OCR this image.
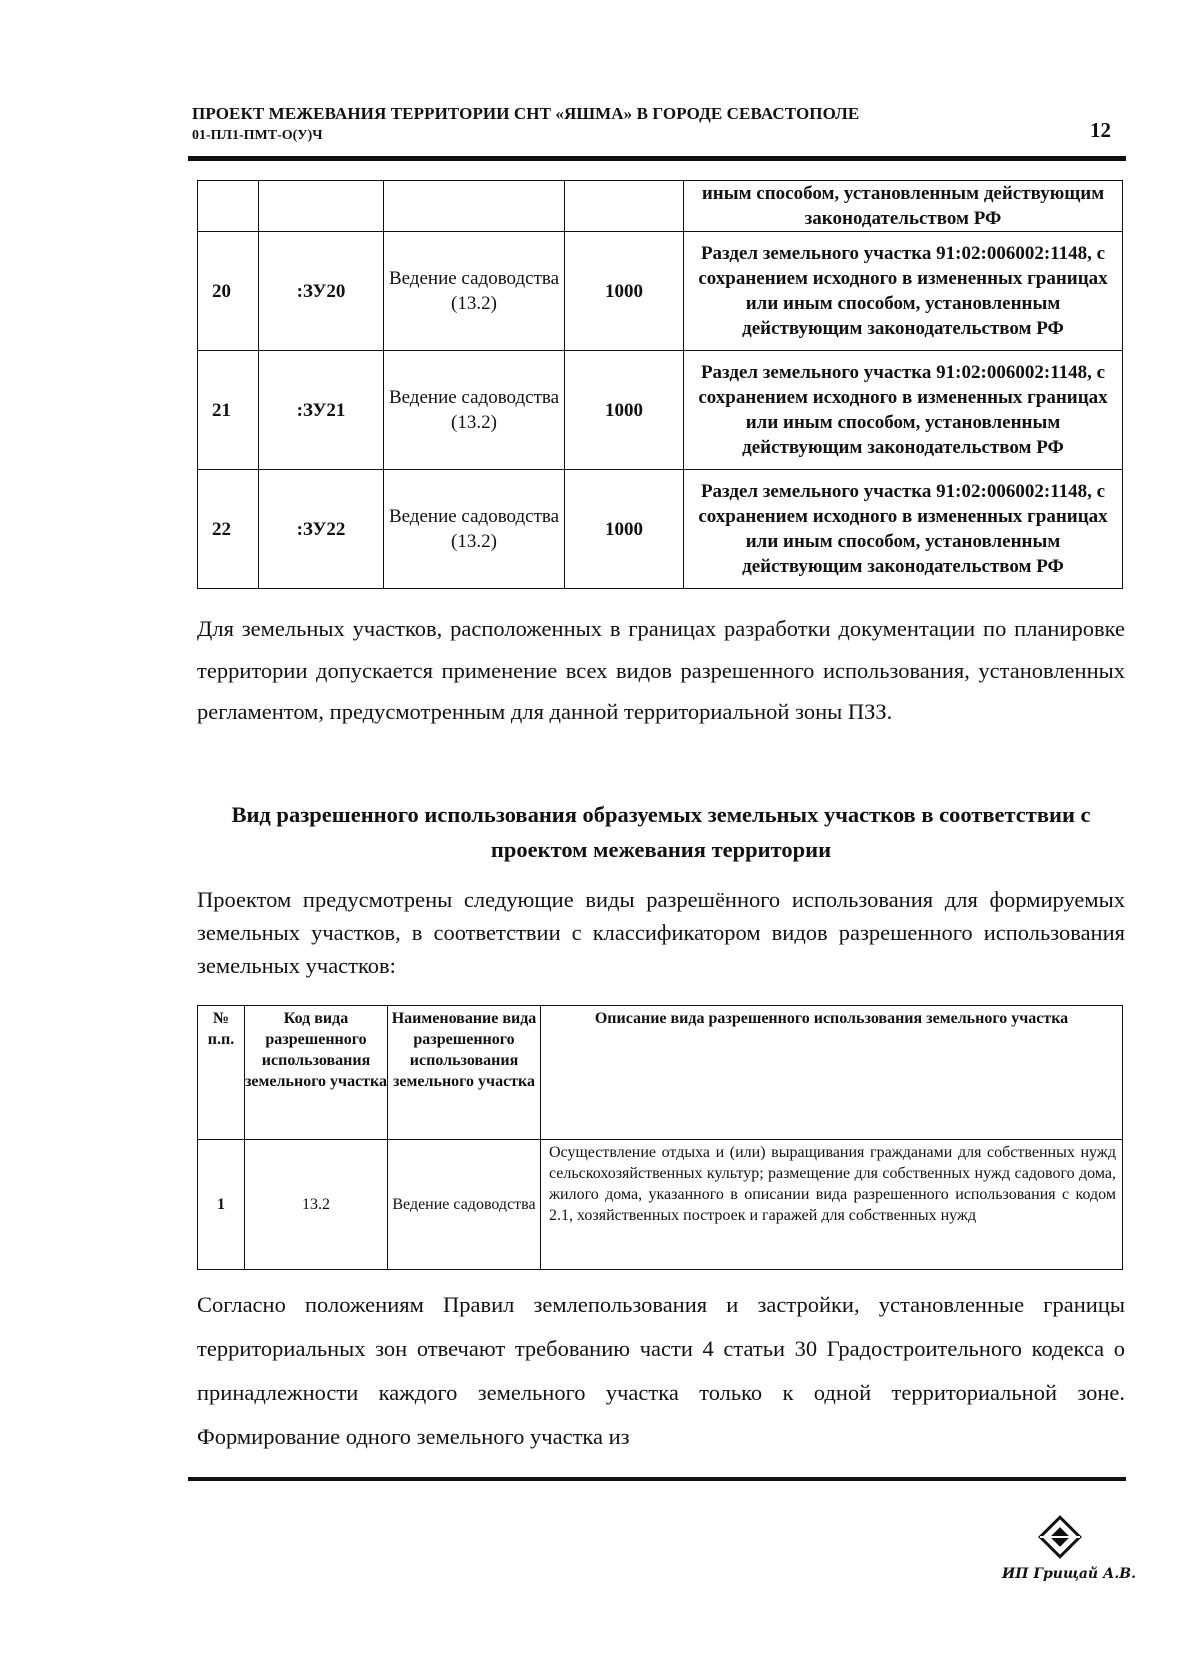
ПРОЕКТ МЕЖЕВАНИЯ ТЕРРИТОРИИ СНТ «ЯШМА» В ГОРОДЕ СЕВАСТОПОЛЕ
01-ПЛ1-ПМТ-О(У)Ч	12
				иным способом, установленным действующим законодательством РФ
20	:ЗУ20	Ведение садоводства (13.2)	1000	Раздел земельного участка 91:02:006002:1148, с сохранением исходного в измененных границах или иным способом, установленным действующим законодательством РФ
21	:ЗУ21	Ведение садоводства (13.2)	1000	Раздел земельного участка 91:02:006002:1148, с сохранением исходного в измененных границах или иным способом, установленным действующим законодательством РФ
22	:ЗУ22	Ведение садоводства (13.2)	1000	Раздел земельного участка 91:02:006002:1148, с сохранением исходного в измененных границах или иным способом, установленным действующим законодательством РФ
Для земельных участков, расположенных в границах разработки документации по планировке территории допускается применение всех видов разрешенного использования, установленных регламентом, предусмотренным для данной территориальной зоны ПЗЗ.
Вид разрешенного использования образуемых земельных участков в соответствии с проектом межевания территории
Проектом предусмотрены следующие виды разрешённого использования для формируемых земельных участков, в соответствии с классификатором видов разрешенного использования земельных участков:
№ п.п.	Код вида разрешенного использования земельного участка	Наименование вида разрешенного использования земельного участка	Описание вида разрешенного использования земельного участка
1	13.2	Ведение садоводства	Осуществление отдыха и (или) выращивания гражданами для собственных нужд сельскохозяйственных культур; размещение для собственных нужд садового дома, жилого дома, указанного в описании вида разрешенного использования с кодом 2.1, хозяйственных построек и гаражей для собственных нужд
Согласно положениям Правил землепользования и застройки, установленные границы территориальных зон отвечают требованию части 4 статьи 30 Градостроительного кодекса о принадлежности каждого земельного участка только к одной территориальной зоне. Формирование одного земельного участка из
ИП Грищай А.В.
